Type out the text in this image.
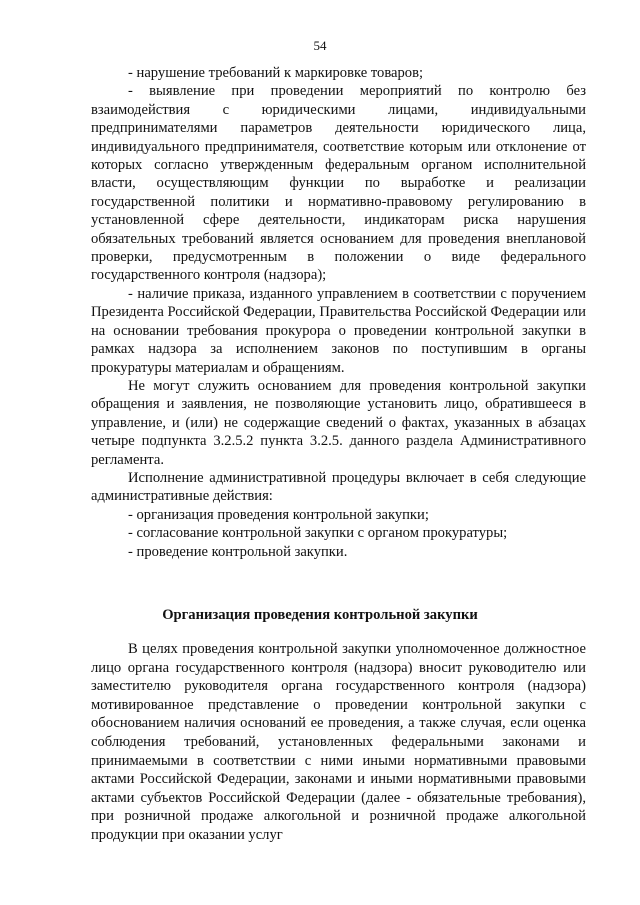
54

- нарушение требований к маркировке товаров;

- выявление при проведении мероприятий по контролю без взаимодействия с юридическими лицами, индивидуальными предпринимателями параметров деятельности юридического лица, индивидуального предпринимателя, соответствие которым или отклонение от которых согласно утвержденным федеральным органом исполнительной власти, осуществляющим функции по выработке и реализации государственной политики и нормативно-правовому регулированию в установленной сфере деятельности, индикаторам риска нарушения обязательных требований является основанием для проведения внеплановой проверки, предусмотренным в положении о виде федерального государственного контроля (надзора);

- наличие приказа, изданного управлением в соответствии с поручением Президента Российской Федерации, Правительства Российской Федерации или на основании требования прокурора о проведении контрольной закупки в рамках надзора за исполнением законов по поступившим в органы прокуратуры материалам и обращениям.

Не могут служить основанием для проведения контрольной закупки обращения и заявления, не позволяющие установить лицо, обратившееся в управление, и (или) не содержащие сведений о фактах, указанных в абзацах четыре подпункта 3.2.5.2 пункта 3.2.5. данного раздела Административного регламента.

Исполнение административной процедуры включает в себя следующие административные действия:

- организация проведения контрольной закупки;

- согласование контрольной закупки с органом прокуратуры;

- проведение контрольной закупки.

Организация проведения контрольной закупки

В целях проведения контрольной закупки уполномоченное должностное лицо органа государственного контроля (надзора) вносит руководителю или заместителю руководителя органа государственного контроля (надзора) мотивированное представление о проведении контрольной закупки с обоснованием наличия оснований ее проведения, а также случая, если оценка соблюдения требований, установленных федеральными законами и принимаемыми в соответствии с ними иными нормативными правовыми актами Российской Федерации, законами и иными нормативными правовыми актами субъектов Российской Федерации (далее - обязательные требования), при розничной продаже алкогольной и розничной продаже алкогольной продукции при оказании услуг
